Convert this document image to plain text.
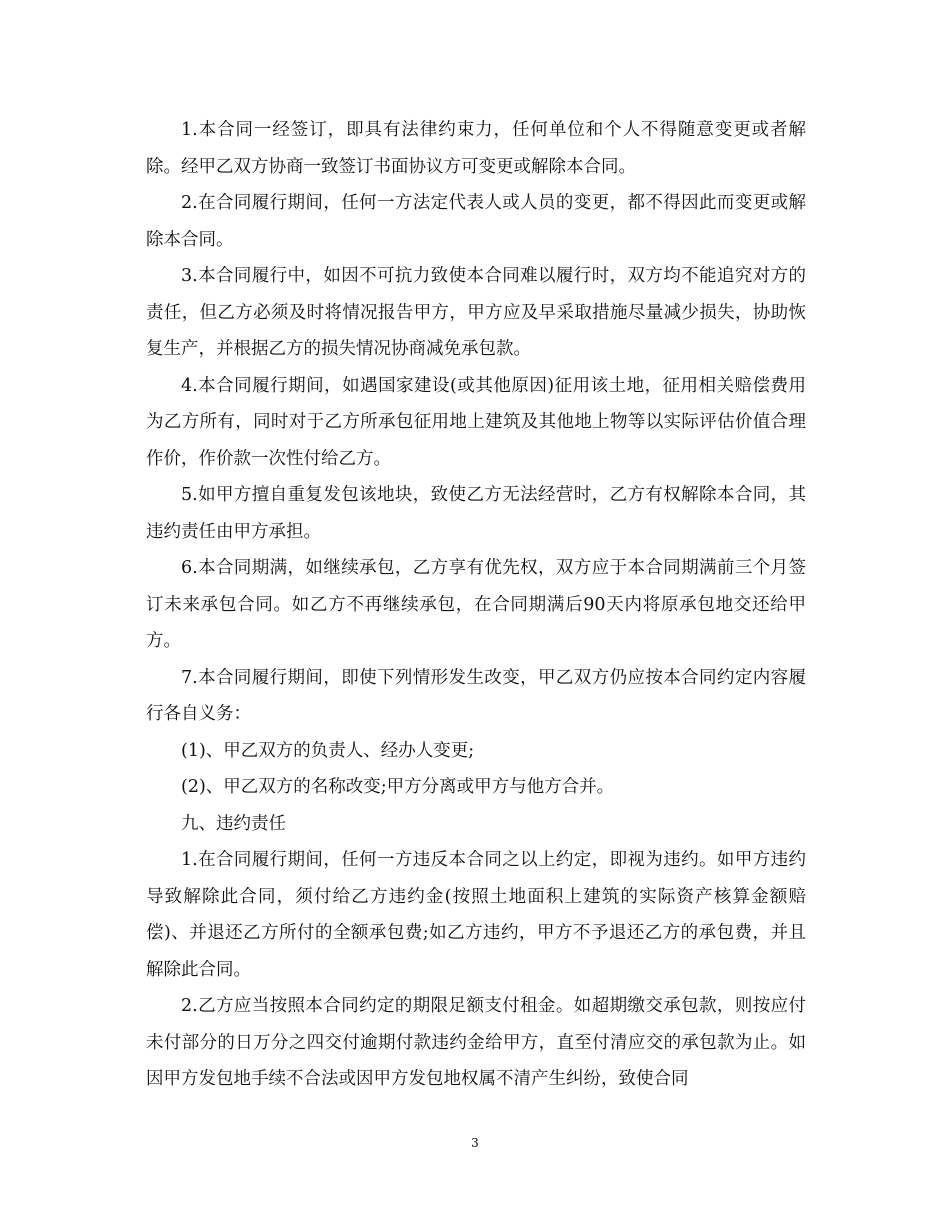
1.本合同一经签订，即具有法律约束力，任何单位和个人不得随意变更或者解除。经甲乙双方协商一致签订书面协议方可变更或解除本合同。

2.在合同履行期间，任何一方法定代表人或人员的变更，都不得因此而变更或解除本合同。

3.本合同履行中，如因不可抗力致使本合同难以履行时，双方均不能追究对方的责任，但乙方必须及时将情况报告甲方，甲方应及早采取措施尽量减少损失，协助恢复生产，并根据乙方的损失情况协商减免承包款。

4.本合同履行期间，如遇国家建设(或其他原因)征用该土地，征用相关赔偿费用为乙方所有，同时对于乙方所承包征用地上建筑及其他地上物等以实际评估价值合理作价，作价款一次性付给乙方。

5.如甲方擅自重复发包该地块，致使乙方无法经营时，乙方有权解除本合同，其违约责任由甲方承担。

6.本合同期满，如继续承包，乙方享有优先权，双方应于本合同期满前三个月签订未来承包合同。如乙方不再继续承包，在合同期满后90天内将原承包地交还给甲方。

7.本合同履行期间，即使下列情形发生改变，甲乙双方仍应按本合同约定内容履行各自义务：

(1)、甲乙双方的负责人、经办人变更;

(2)、甲乙双方的名称改变;甲方分离或甲方与他方合并。

九、违约责任

1.在合同履行期间，任何一方违反本合同之以上约定，即视为违约。如甲方违约导致解除此合同，须付给乙方违约金(按照土地面积上建筑的实际资产核算金额赔偿)、并退还乙方所付的全额承包费;如乙方违约，甲方不予退还乙方的承包费，并且解除此合同。

2.乙方应当按照本合同约定的期限足额支付租金。如超期缴交承包款，则按应付未付部分的日万分之四交付逾期付款违约金给甲方，直至付清应交的承包款为止。如因甲方发包地手续不合法或因甲方发包地权属不清产生纠纷，致使合同

3
